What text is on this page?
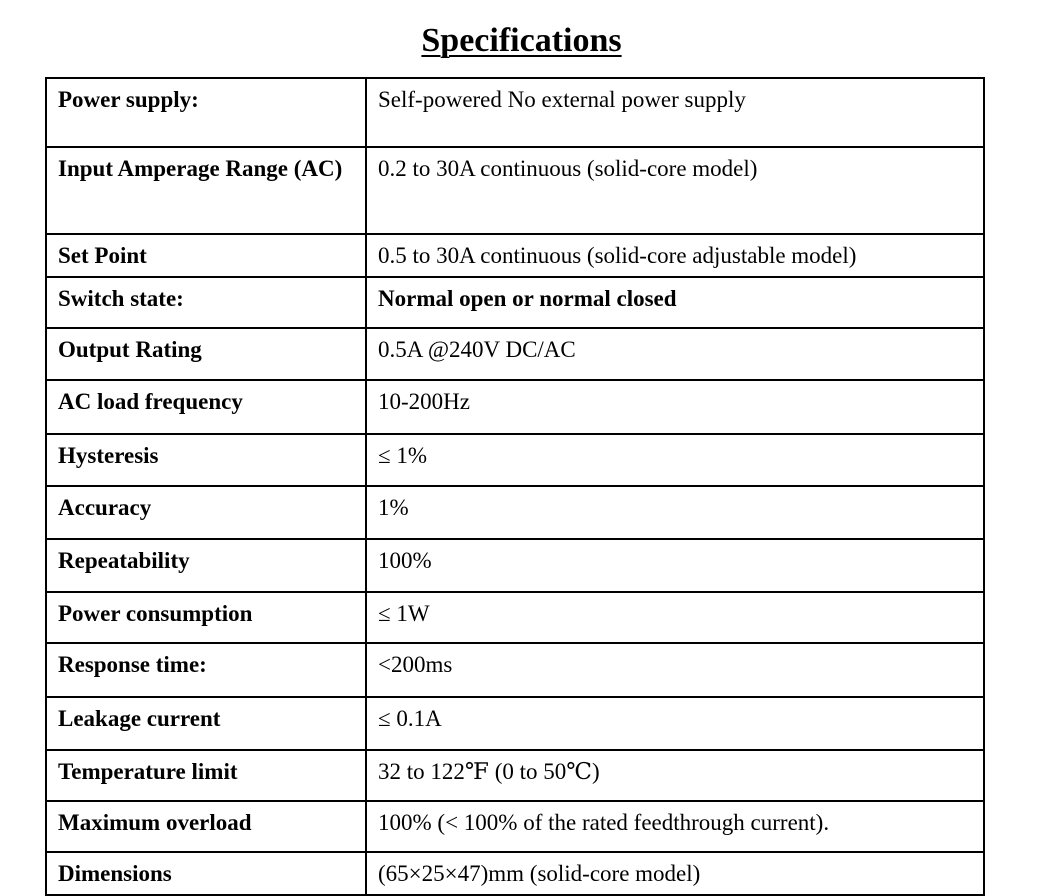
Specifications
Power supply:	Self-powered No external power supply
Input Amperage Range (AC)	0.2 to 30A continuous (solid-core model)
Set Point	0.5 to 30A continuous (solid-core adjustable model)
Switch state:	Normal open or normal closed
Output Rating	0.5A @240V DC/AC
AC load frequency	10-200Hz
Hysteresis	≤ 1%
Accuracy	1%
Repeatability	100%
Power consumption	≤ 1W
Response time:	<200ms
Leakage current	≤ 0.1A
Temperature limit	32 to 122℉ (0 to 50℃)
Maximum overload	100% (< 100% of the rated feedthrough current).
Dimensions	(65×25×47)mm (solid-core model)
